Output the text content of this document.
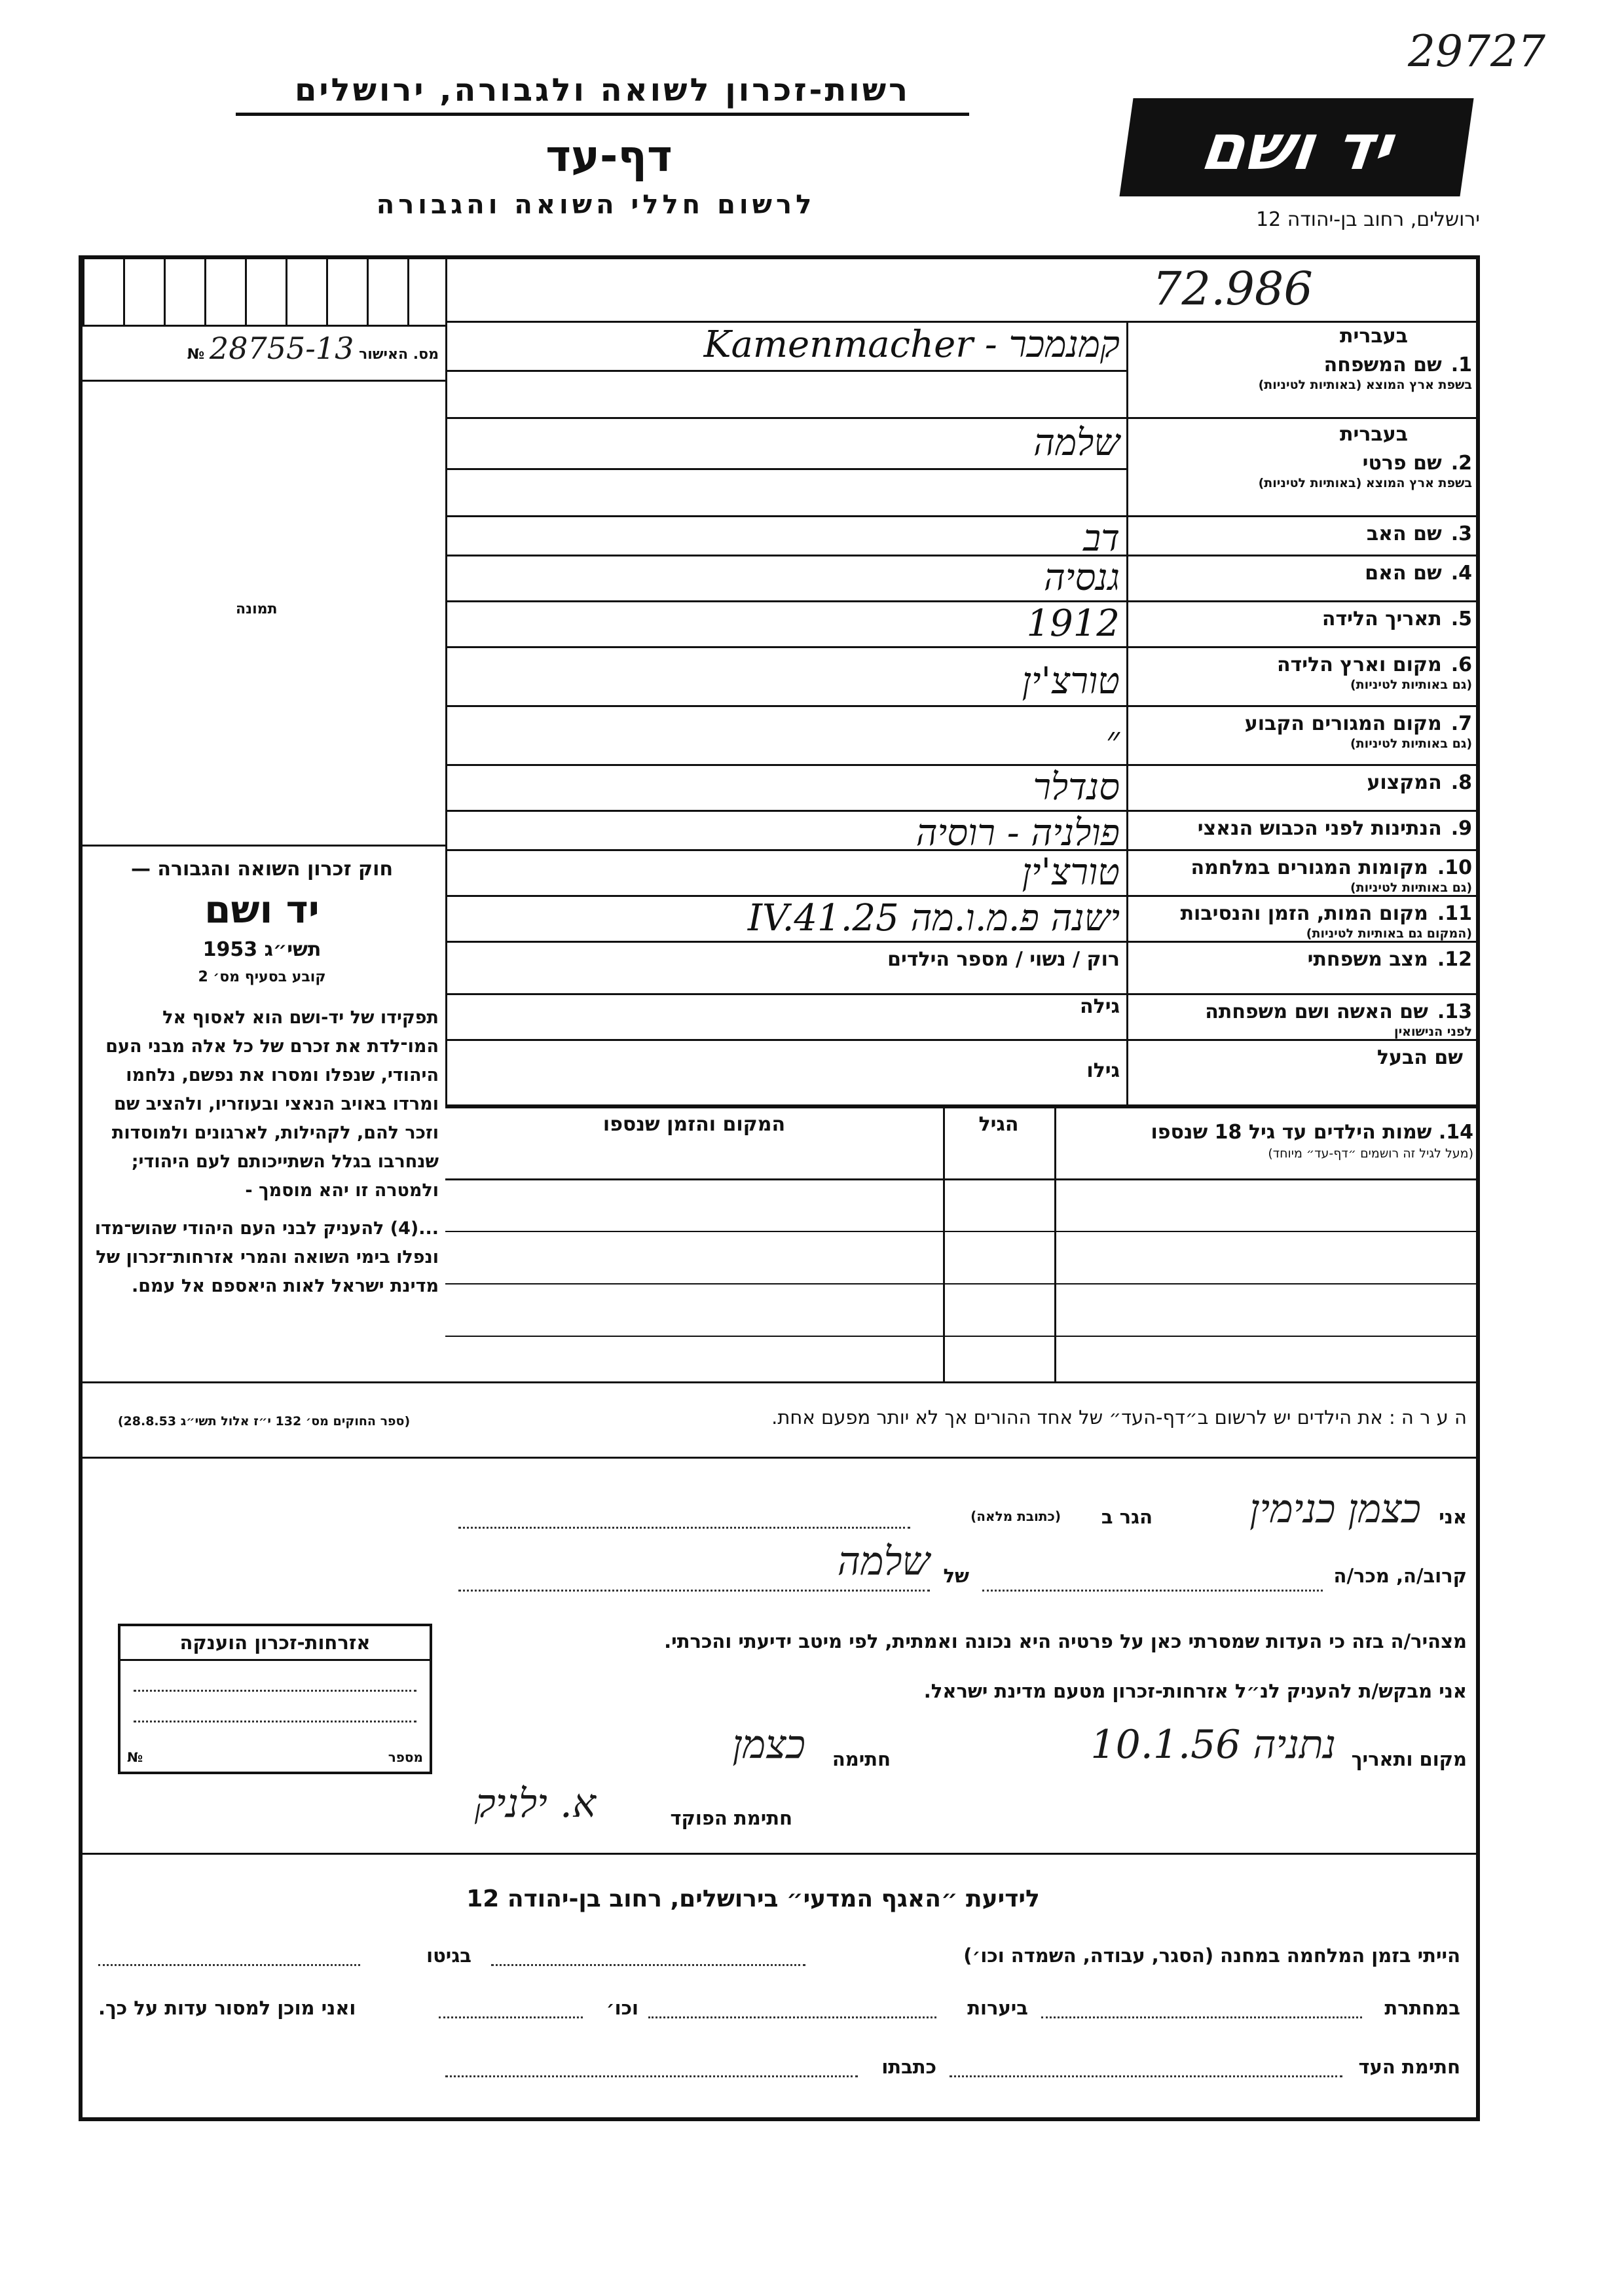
29727
רשות-זכרון לשואה ולגבורה, ירושלים
דף-עד
לרשום חללי השואה והגבורה
יד ושם
ירושלים, רחוב בן-יהודה 12
72.986
מס. האישור 28755-13 №
תמונה
חוק זכרון השואה והגבורה —
יד ושם
תשי״ג 1953
קובע בסעיף מס׳ 2
תפקידו של יד-ושם הוא לאסוף אל המו־לדת את זכרם של כל אלה מבני העם היהודי, שנפלו ומסרו את נפשם, נלחמו ומרדו באויב הנאצי ובעוזריו, ולהציב שם וזכר להם, לקהילות, לארגונים ולמוסדות שנחרבו בגלל השתייכותם לעם היהודי; ולמטרה זו יהא מוסמך -
...(4) להעניק לבני העם היהודי שהוש־מדו ונפלו בימי השואה והמרי אזרחות־זכרון של מדינת ישראל לאות היאספם אל עמם.
1.שם המשפחה
בשפת ארץ המוצא (באותיות לטיניות)
בעברית
קמנמכר - Kamenmacher
2.שם פרטי
בשפת ארץ המוצא (באותיות לטיניות)
בעברית
שלמה
3.שם האב
דב
4.שם האם
גנסיה
5.תאריך הלידה
1912
6.מקום וארץ הלידה
(גם באותיות לטיניות)
טורצ'ין
7.מקום המגורים הקבוע
(גם באותיות לטיניות)
״
8.המקצוע
סנדלר
9.הנתינות לפני הכבוש הנאצי
פולניה - רוסיה
10.מקומות המגורים במלחמה
(גם באותיות לטיניות)
טורצ'ין
11.מקום המות, הזמן והנסיבות
(המקום גם באותיות לטיניות)
ישנה פ.מ.ו.מה 25.IV.41
12.מצב משפחתי
רוק / נשוי / מספר הילדים
13.שם האשה ושם משפחתה
לפני הנישואין
גילה
שם הבעל
גילו
14. שמות הילדים עד גיל 18 שנספו
(מעל לגיל זה רושמים ״דף-עד״ מיוחד)
הגיל
המקום והזמן שנספו
(ספר החוקים מס׳ 132 י״ז אלול תשי״ג 28.8.53)	ה ע ר ה : את הילדים יש לרשום ב״דף-העד״ של אחד ההורים אך לא יותר מפעם אחת.
אני
כצמן כנימין
הגר ב
(כתובת מלאה)
קרוב/ה, מכר/ה
של
שלמה
מצהיר/ה בזה כי העדות שמסרתי כאן על פרטיה היא נכונה ואמתית, לפי מיטב ידיעתי והכרתי.
אני מבקש/ת להעניק לנ״ל אזרחות-זכרון מטעם מדינת ישראל.
מקום ותאריך
נתניה 10.1.56
חתימה
כצמן
חתימת הפוקד
א. ילניק
אזרחות-זכרון הוענקה
מספר
№
לידיעת ״האגף המדעי״ בירושלים, רחוב בן-יהודה 12
הייתי בזמן המלחמה במחנה (הסגר, עבודה, השמדה וכו׳)
בגיטו
במחתרת
ביערות
וכו׳
ואני מוכן למסור עדות על כך.
חתימת העד
כתבתו
